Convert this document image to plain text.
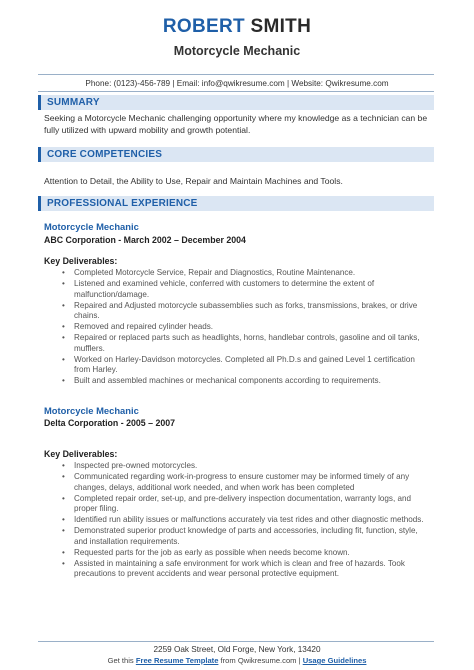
ROBERT SMITH
Motorcycle Mechanic
Phone: (0123)-456-789 | Email: info@qwikresume.com | Website: Qwikresume.com
SUMMARY
Seeking a Motorcycle Mechanic challenging opportunity where my knowledge as a technician can be fully utilized with upward mobility and growth potential.
CORE COMPETENCIES
Attention to Detail, the Ability to Use, Repair and Maintain Machines and Tools.
PROFESSIONAL EXPERIENCE
Motorcycle Mechanic
ABC Corporation - March 2002 – December 2004
Key Deliverables:
• Completed Motorcycle Service, Repair and Diagnostics, Routine Maintenance.
• Listened and examined vehicle, conferred with customers to determine the extent of malfunction/damage.
• Repaired and Adjusted motorcycle subassemblies such as forks, transmissions, brakes, or drive chains.
• Removed and repaired cylinder heads.
• Repaired or replaced parts such as headlights, horns, handlebar controls, gasoline and oil tanks, mufflers.
• Worked on Harley-Davidson motorcycles. Completed all Ph.D.s and gained Level 1 certification from Harley.
• Built and assembled machines or mechanical components according to requirements.
Motorcycle Mechanic
Delta Corporation - 2005 – 2007
Key Deliverables:
• Inspected pre-owned motorcycles.
• Communicated regarding work-in-progress to ensure customer may be informed timely of any changes, delays, additional work needed, and when work has been completed
• Completed repair order, set-up, and pre-delivery inspection documentation, warranty logs, and proper filing.
• Identified run ability issues or malfunctions accurately via test rides and other diagnostic methods.
• Demonstrated superior product knowledge of parts and accessories, including fit, function, style, and installation requirements.
• Requested parts for the job as early as possible when needs become known.
• Assisted in maintaining a safe environment for work which is clean and free of hazards. Took precautions to prevent accidents and wear personal protective equipment.
2259 Oak Street, Old Forge, New York, 13420
Get this Free Resume Template from Qwikresume.com | Usage Guidelines
